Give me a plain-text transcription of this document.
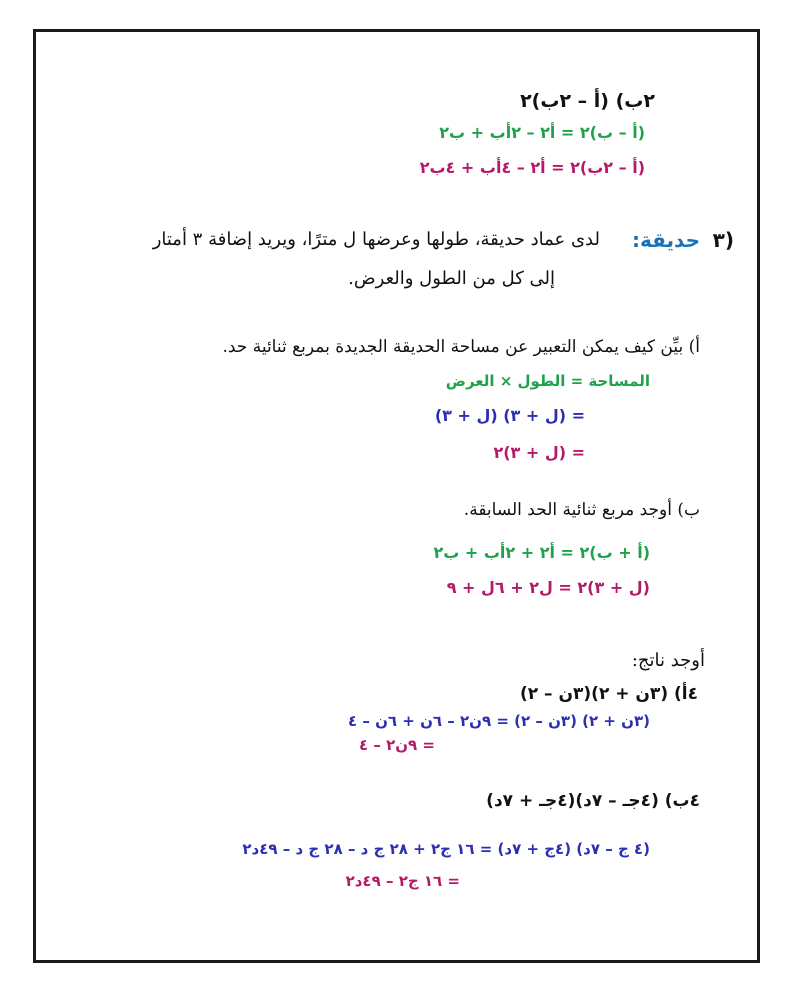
٢ب) (أ – ٢ب)٢
(أ – ب)٢ = أ٢ – ٢أب + ب٢
(أ – ٢ب)٢ = أ٢ – ٤أب + ٤ب٢
٣)
حديقة:
لدى عماد حديقة، طولها وعرضها ل مترًا، ويريد إضافة ٣ أمتار
إلى كل من الطول والعرض.
أ) بيِّن كيف يمكن التعبير عن مساحة الحديقة الجديدة بمربع ثنائية حد.
المساحة = الطول × العرض
= (ل + ٣) (ل + ٣)
= (ل + ٣)٢
ب) أوجد مربع ثنائية الحد السابقة.
(أ + ب)٢ = أ٢ + ٢أب + ب٢
(ل + ٣)٢ = ل٢ + ٦ل + ٩
أوجد ناتج:
٤أ) (٣ن + ٢)(٣ن – ٢)
(٣ن + ٢) (٣ن – ٢) = ٩ن٢ – ٦ن + ٦ن – ٤
= ٩ن٢ – ٤
٤ب) (٤جـ – ٧د)(٤جـ + ٧د)
(٤ ج – ٧د) (٤ج + ٧د) = ١٦ ج٢ + ٢٨ ج د – ٢٨ ج د – ٤٩د٢
= ١٦ ج٢ – ٤٩د٢
